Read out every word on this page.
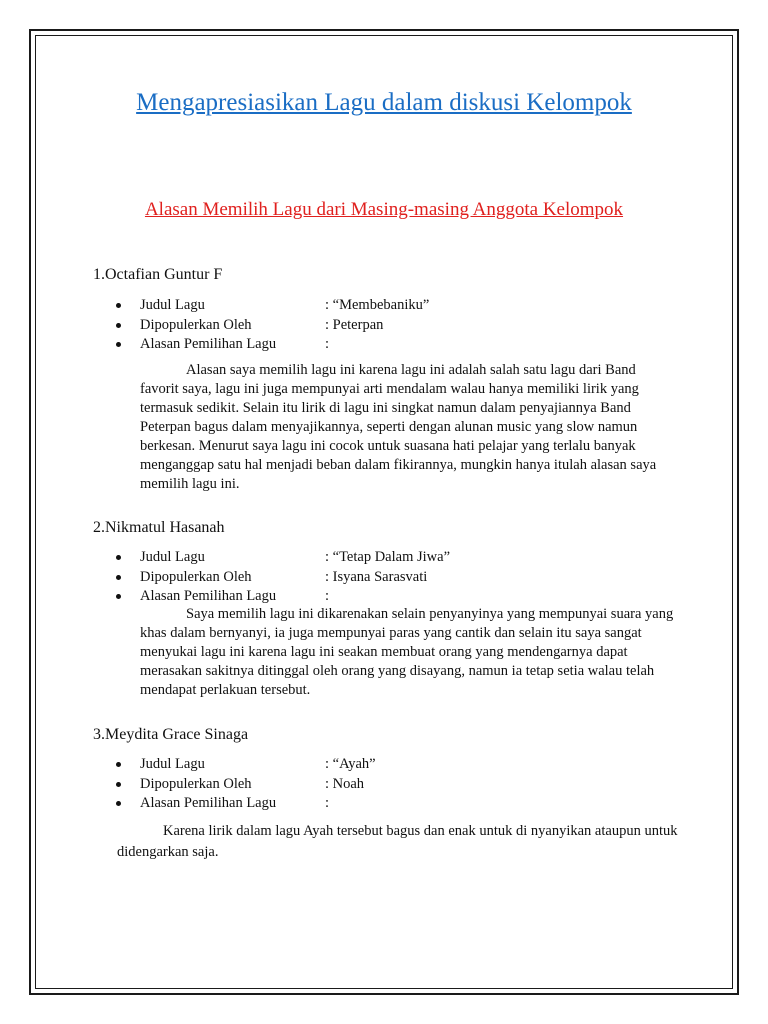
Mengapresiasikan Lagu dalam diskusi Kelompok
Alasan Memilih Lagu dari Masing-masing Anggota Kelompok

1.Octafian Guntur F

Judul Lagu	: “Membebaniku”
Dipopulerkan Oleh	: Peterpan
Alasan Pemilihan Lagu	:

Alasan saya memilih lagu ini karena lagu ini adalah salah satu lagu dari Band favorit saya, lagu ini juga mempunyai arti mendalam walau hanya memiliki lirik yang termasuk sedikit. Selain itu lirik di lagu ini singkat namun dalam penyajiannya Band Peterpan bagus dalam menyajikannya, seperti dengan alunan music yang slow namun berkesan. Menurut saya lagu ini cocok untuk suasana hati pelajar yang terlalu banyak menganggap satu hal menjadi beban dalam fikirannya, mungkin hanya itulah alasan saya memilih lagu ini.

2.Nikmatul Hasanah

Judul Lagu	: “Tetap Dalam Jiwa”
Dipopulerkan Oleh	: Isyana Sarasvati
Alasan Pemilihan Lagu	:

Saya memilih lagu ini dikarenakan selain penyanyinya yang mempunyai suara yang khas dalam bernyanyi, ia juga mempunyai paras yang cantik dan selain itu saya sangat menyukai lagu ini karena lagu ini seakan membuat orang yang mendengarnya dapat merasakan sakitnya ditinggal oleh orang yang disayang, namun ia tetap setia walau telah mendapat perlakuan tersebut.

3.Meydita Grace Sinaga

Judul Lagu	: “Ayah”
Dipopulerkan Oleh	: Noah
Alasan Pemilihan Lagu	:

Karena lirik dalam lagu Ayah tersebut bagus dan enak untuk di nyanyikan ataupun untuk didengarkan saja.
